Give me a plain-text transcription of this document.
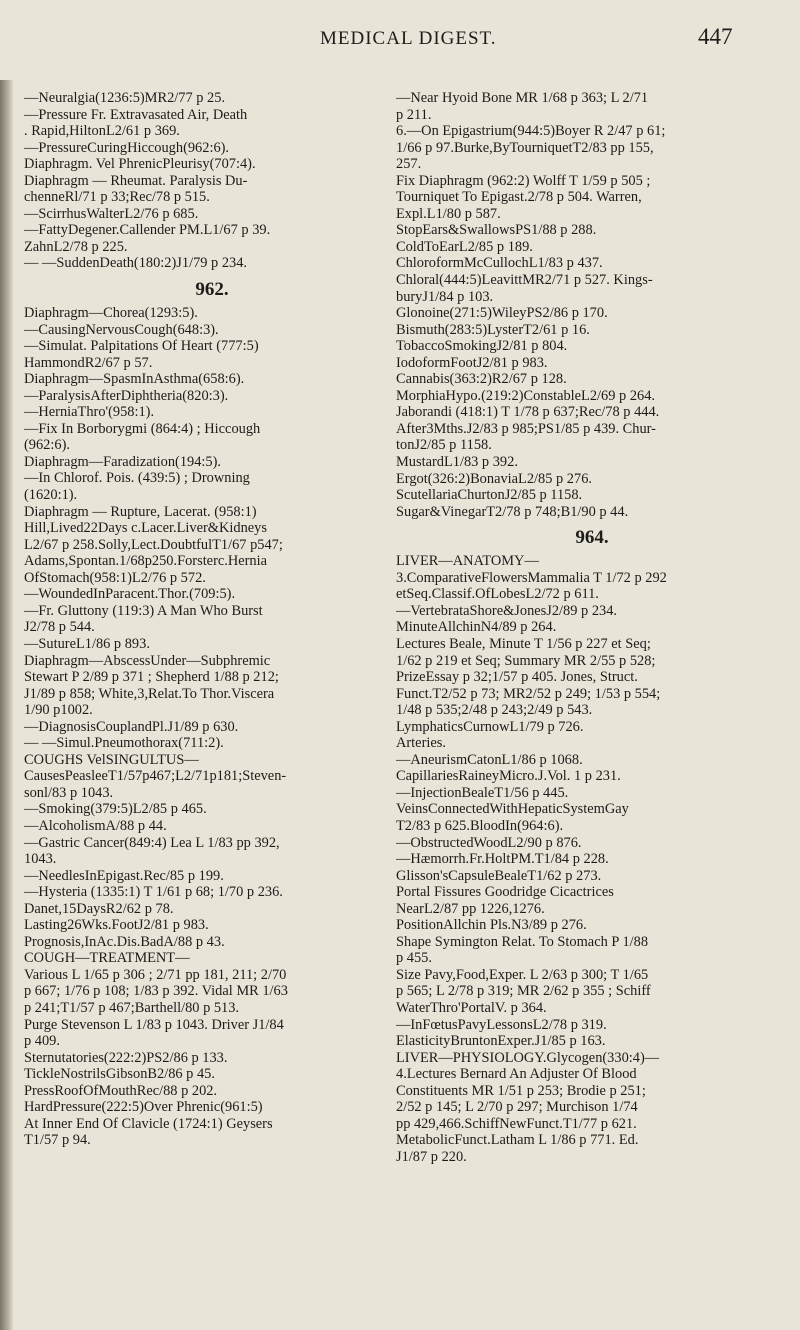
MEDICAL DIGEST.	447
—Neuralgia(1236:5)MR2/77 p 25.
—Pressure Fr. Extravasated Air, Death
. Rapid,HiltonL2/61 p 369.
—PressureCuringHiccough(962:6).
Diaphragm. Vel PhrenicPleurisy(707:4).
Diaphragm — Rheumat. Paralysis Du-
chenneRl/71 p 33;Rec/78 p 515.
—ScirrhusWalterL2/76 p 685.
—FattyDegener.Callender PM.L1/67 p 39.
ZahnL2/78 p 225.
— —SuddenDeath(180:2)J1/79 p 234.
962.
Diaphragm—Chorea(1293:5).
—CausingNervousCough(648:3).
—Simulat. Palpitations Of Heart (777:5)
HammondR2/67 p 57.
Diaphragm—SpasmInAsthma(658:6).
—ParalysisAfterDiphtheria(820:3).
—HerniaThro'(958:1).
—Fix In Borborygmi (864:4) ; Hiccough
(962:6).
Diaphragm—Faradization(194:5).
—In Chlorof. Pois. (439:5) ; Drowning
(1620:1).
Diaphragm — Rupture, Lacerat. (958:1)
Hill,Lived22Days c.Lacer.Liver&Kidneys
L2/67 p 258.Solly,Lect.DoubtfulT1/67 p547;
Adams,Spontan.1/68p250.Forsterc.Hernia
OfStomach(958:1)L2/76 p 572.
—WoundedInParacent.Thor.(709:5).
—Fr. Gluttony (119:3) A Man Who Burst
J2/78 p 544.
—SutureL1/86 p 893.
Diaphragm—AbscessUnder—Subphremic
Stewart P 2/89 p 371 ; Shepherd 1/88 p 212;
J1/89 p 858; White,3,Relat.To Thor.Viscera
1/90 p1002.
—DiagnosisCouplandPl.J1/89 p 630.
— —Simul.Pneumothorax(711:2).
COUGHS VelSINGULTUS—
CausesPeasleeT1/57p467;L2/71p181;Steven-
sonl/83 p 1043.
—Smoking(379:5)L2/85 p 465.
—AlcoholismA/88 p 44.
—Gastric Cancer(849:4) Lea L 1/83 pp 392,
1043.
—NeedlesInEpigast.Rec/85 p 199.
—Hysteria (1335:1) T 1/61 p 68; 1/70 p 236.
Danet,15DaysR2/62 p 78.
Lasting26Wks.FootJ2/81 p 983.
Prognosis,InAc.Dis.BadA/88 p 43.
COUGH—TREATMENT—
Various L 1/65 p 306 ; 2/71 pp 181, 211; 2/70
p 667; 1/76 p 108; 1/83 p 392. Vidal MR 1/63
p 241;T1/57 p 467;Barthell/80 p 513.
Purge Stevenson L 1/83 p 1043. Driver J1/84
p 409.
Sternutatories(222:2)PS2/86 p 133.
TickleNostrilsGibsonB2/86 p 45.
PressRoofOfMouthRec/88 p 202.
HardPressure(222:5)Over Phrenic(961:5)
At Inner End Of Clavicle (1724:1) Geysers
T1/57 p 94.
—Near Hyoid Bone MR 1/68 p 363; L 2/71
p 211.
6.—On Epigastrium(944:5)Boyer R 2/47 p 61;
1/66 p 97.Burke,ByTourniquetT2/83 pp 155,
257.
Fix Diaphragm (962:2) Wolff T 1/59 p 505 ;
Tourniquet To Epigast.2/78 p 504. Warren,
Expl.L1/80 p 587.
StopEars&SwallowsPS1/88 p 288.
ColdToEarL2/85 p 189.
ChloroformMcCullochL1/83 p 437.
Chloral(444:5)LeavittMR2/71 p 527. Kings-
buryJ1/84 p 103.
Glonoine(271:5)WileyPS2/86 p 170.
Bismuth(283:5)LysterT2/61 p 16.
TobaccoSmokingJ2/81 p 804.
IodoformFootJ2/81 p 983.
Cannabis(363:2)R2/67 p 128.
MorphiaHypo.(219:2)ConstableL2/69 p 264.
Jaborandi (418:1) T 1/78 p 637;Rec/78 p 444.
After3Mths.J2/83 p 985;PS1/85 p 439. Chur-
tonJ2/85 p 1158.
MustardL1/83 p 392.
Ergot(326:2)BonaviaL2/85 p 276.
ScutellariaChurtonJ2/85 p 1158.
Sugar&VinegarT2/78 p 748;B1/90 p 44.
964.
LIVER—ANATOMY—
3.ComparativeFlowersMammalia T 1/72 p 292
etSeq.Classif.OfLobesL2/72 p 611.
—VertebrataShore&JonesJ2/89 p 234.
MinuteAllchinN4/89 p 264.
Lectures Beale, Minute T 1/56 p 227 et Seq;
1/62 p 219 et Seq; Summary MR 2/55 p 528;
PrizeEssay p 32;1/57 p 405. Jones, Struct.
Funct.T2/52 p 73; MR2/52 p 249; 1/53 p 554;
1/48 p 535;2/48 p 243;2/49 p 543.
LymphaticsCurnowL1/79 p 726.
Arteries.
—AneurismCatonL1/86 p 1068.
CapillariesRaineyMicro.J.Vol. 1 p 231.
—InjectionBealeT1/56 p 445.
VeinsConnectedWithHepaticSystemGay
T2/83 p 625.BloodIn(964:6).
—ObstructedWoodL2/90 p 876.
—Hæmorrh.Fr.HoltPM.T1/84 p 228.
Glisson'sCapsuleBealeT1/62 p 273.
Portal Fissures Goodridge Cicactrices
NearL2/87 pp 1226,1276.
PositionAllchin Pls.N3/89 p 276.
Shape Symington Relat. To Stomach P 1/88
p 455.
Size Pavy,Food,Exper. L 2/63 p 300; T 1/65
p 565; L 2/78 p 319; MR 2/62 p 355 ; Schiff
WaterThro'PortalV. p 364.
—InFœtusPavyLessonsL2/78 p 319.
ElasticityBruntonExper.J1/85 p 163.
LIVER—PHYSIOLOGY.Glycogen(330:4)—
4.Lectures Bernard An Adjuster Of Blood
Constituents MR 1/51 p 253; Brodie p 251;
2/52 p 145; L 2/70 p 297; Murchison 1/74
pp 429,466.SchiffNewFunct.T1/77 p 621.
MetabolicFunct.Latham L 1/86 p 771. Ed.
J1/87 p 220.
